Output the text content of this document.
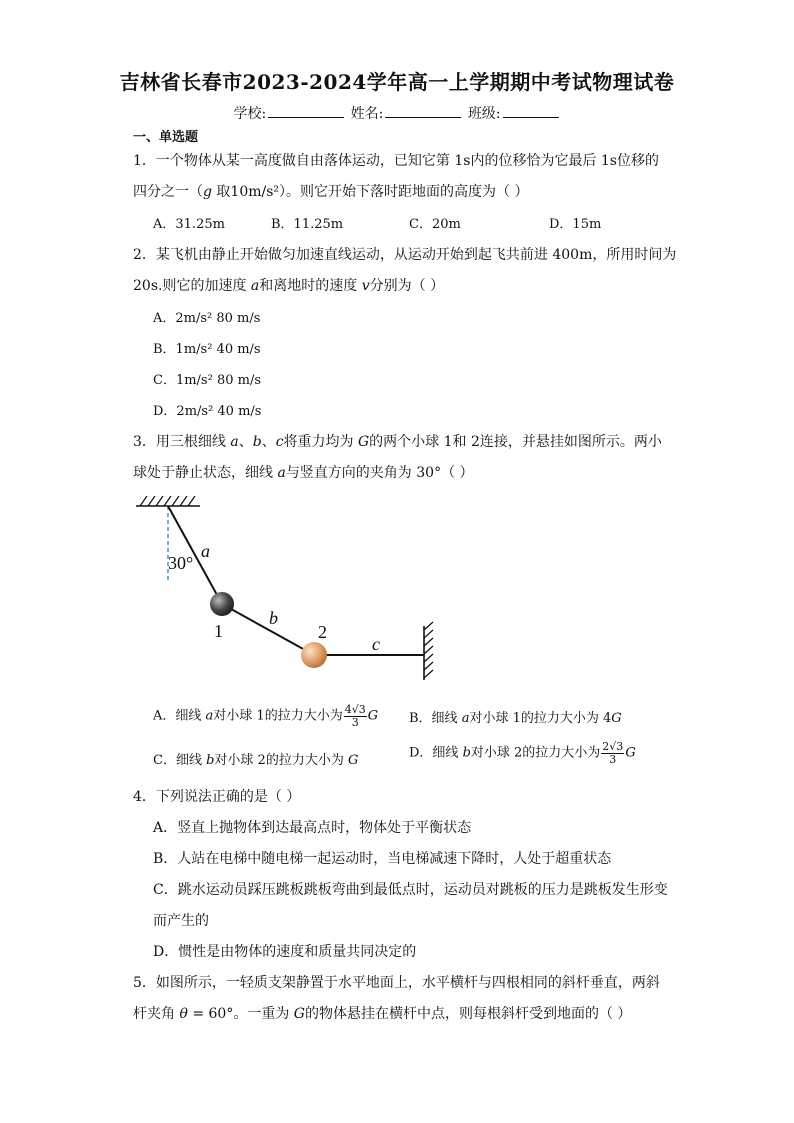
吉林省长春市2023-2024学年高一上学期期中考试物理试卷
学校:	姓名:	班级:
一、单选题
1．一个物体从某一高度做自由落体运动，已知它第 1s内的位移恰为它最后 1s位移的
四分之一（g 取10m/s²）。则它开始下落时距地面的高度为（ ）
A．31.25m	B．11.25m	C．20m	D．15m
2．某飞机由静止开始做匀加速直线运动，从运动开始到起飞共前进 400m，所用时间为
20s.则它的加速度 a和离地时的速度 v分别为（ ）
A．2m/s² 80 m/s
B．1m/s² 40 m/s
C．1m/s² 80 m/s
D．2m/s² 40 m/s
3．用三根细线 a、b、c将重力均为 G的两个小球 1和 2连接，并悬挂如图所示。两小
球处于静止状态，细线 a与竖直方向的夹角为 30°（ ）
30°
a
b
c
1	2
A．细线 a对小球 1的拉力大小为 $\frac{4√3}{3}$ G B．细线 a对小球 1的拉力大小为 4G
C．细线 b对小球 2的拉力大小为 G	D．细线 b对小球 2的拉力大小为 $\frac{2√3}{3}$ G
4．下列说法正确的是（ ）
A．竖直上抛物体到达最高点时，物体处于平衡状态
B．人站在电梯中随电梯一起运动时，当电梯减速下降时，人处于超重状态
C．跳水运动员踩压跳板跳板弯曲到最低点时，运动员对跳板的压力是跳板发生形变
而产生的
D．惯性是由物体的速度和质量共同决定的
5．如图所示，一轻质支架静置于水平地面上，水平横杆与四根相同的斜杆垂直，两斜
杆夹角 θ = 60°。一重为 G的物体悬挂在横杆中点，则每根斜杆受到地面的（ ）
